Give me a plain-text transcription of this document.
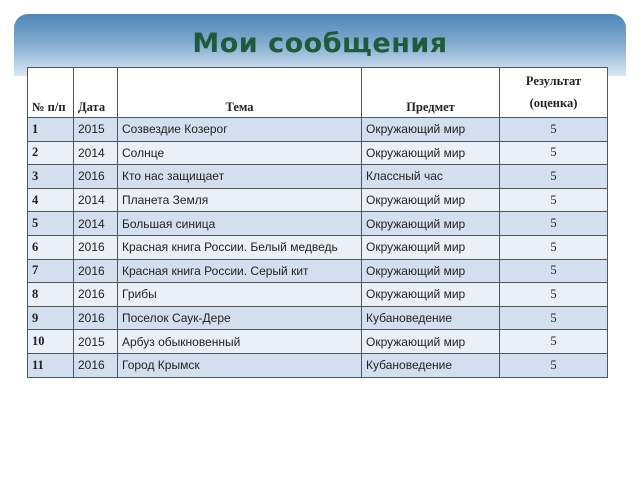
Мои сообщения
№ п/п	Дата	Тема	Предмет	Результат
(оценка)

1	2015	Созвездие Козерог	Окружающий мир	5
2	2014	Солнце	Окружающий мир	5
3	2016	Кто нас защищает	Классный час	5
4	2014	Планета Земля	Окружающий мир	5
5	2014	Большая синица	Окружающий мир	5
6	2016	Красная книга России. Белый медведь	Окружающий мир	5
7	2016	Красная книга России. Серый кит	Окружающий мир	5
8	2016	Грибы	Окружающий мир	5
9	2016	Поселок Саук-Дере	Кубановедение	5
10	2015	Арбуз обыкновенный	Окружающий мир	5
11	2016	Город Крымск	Кубановедение	5
